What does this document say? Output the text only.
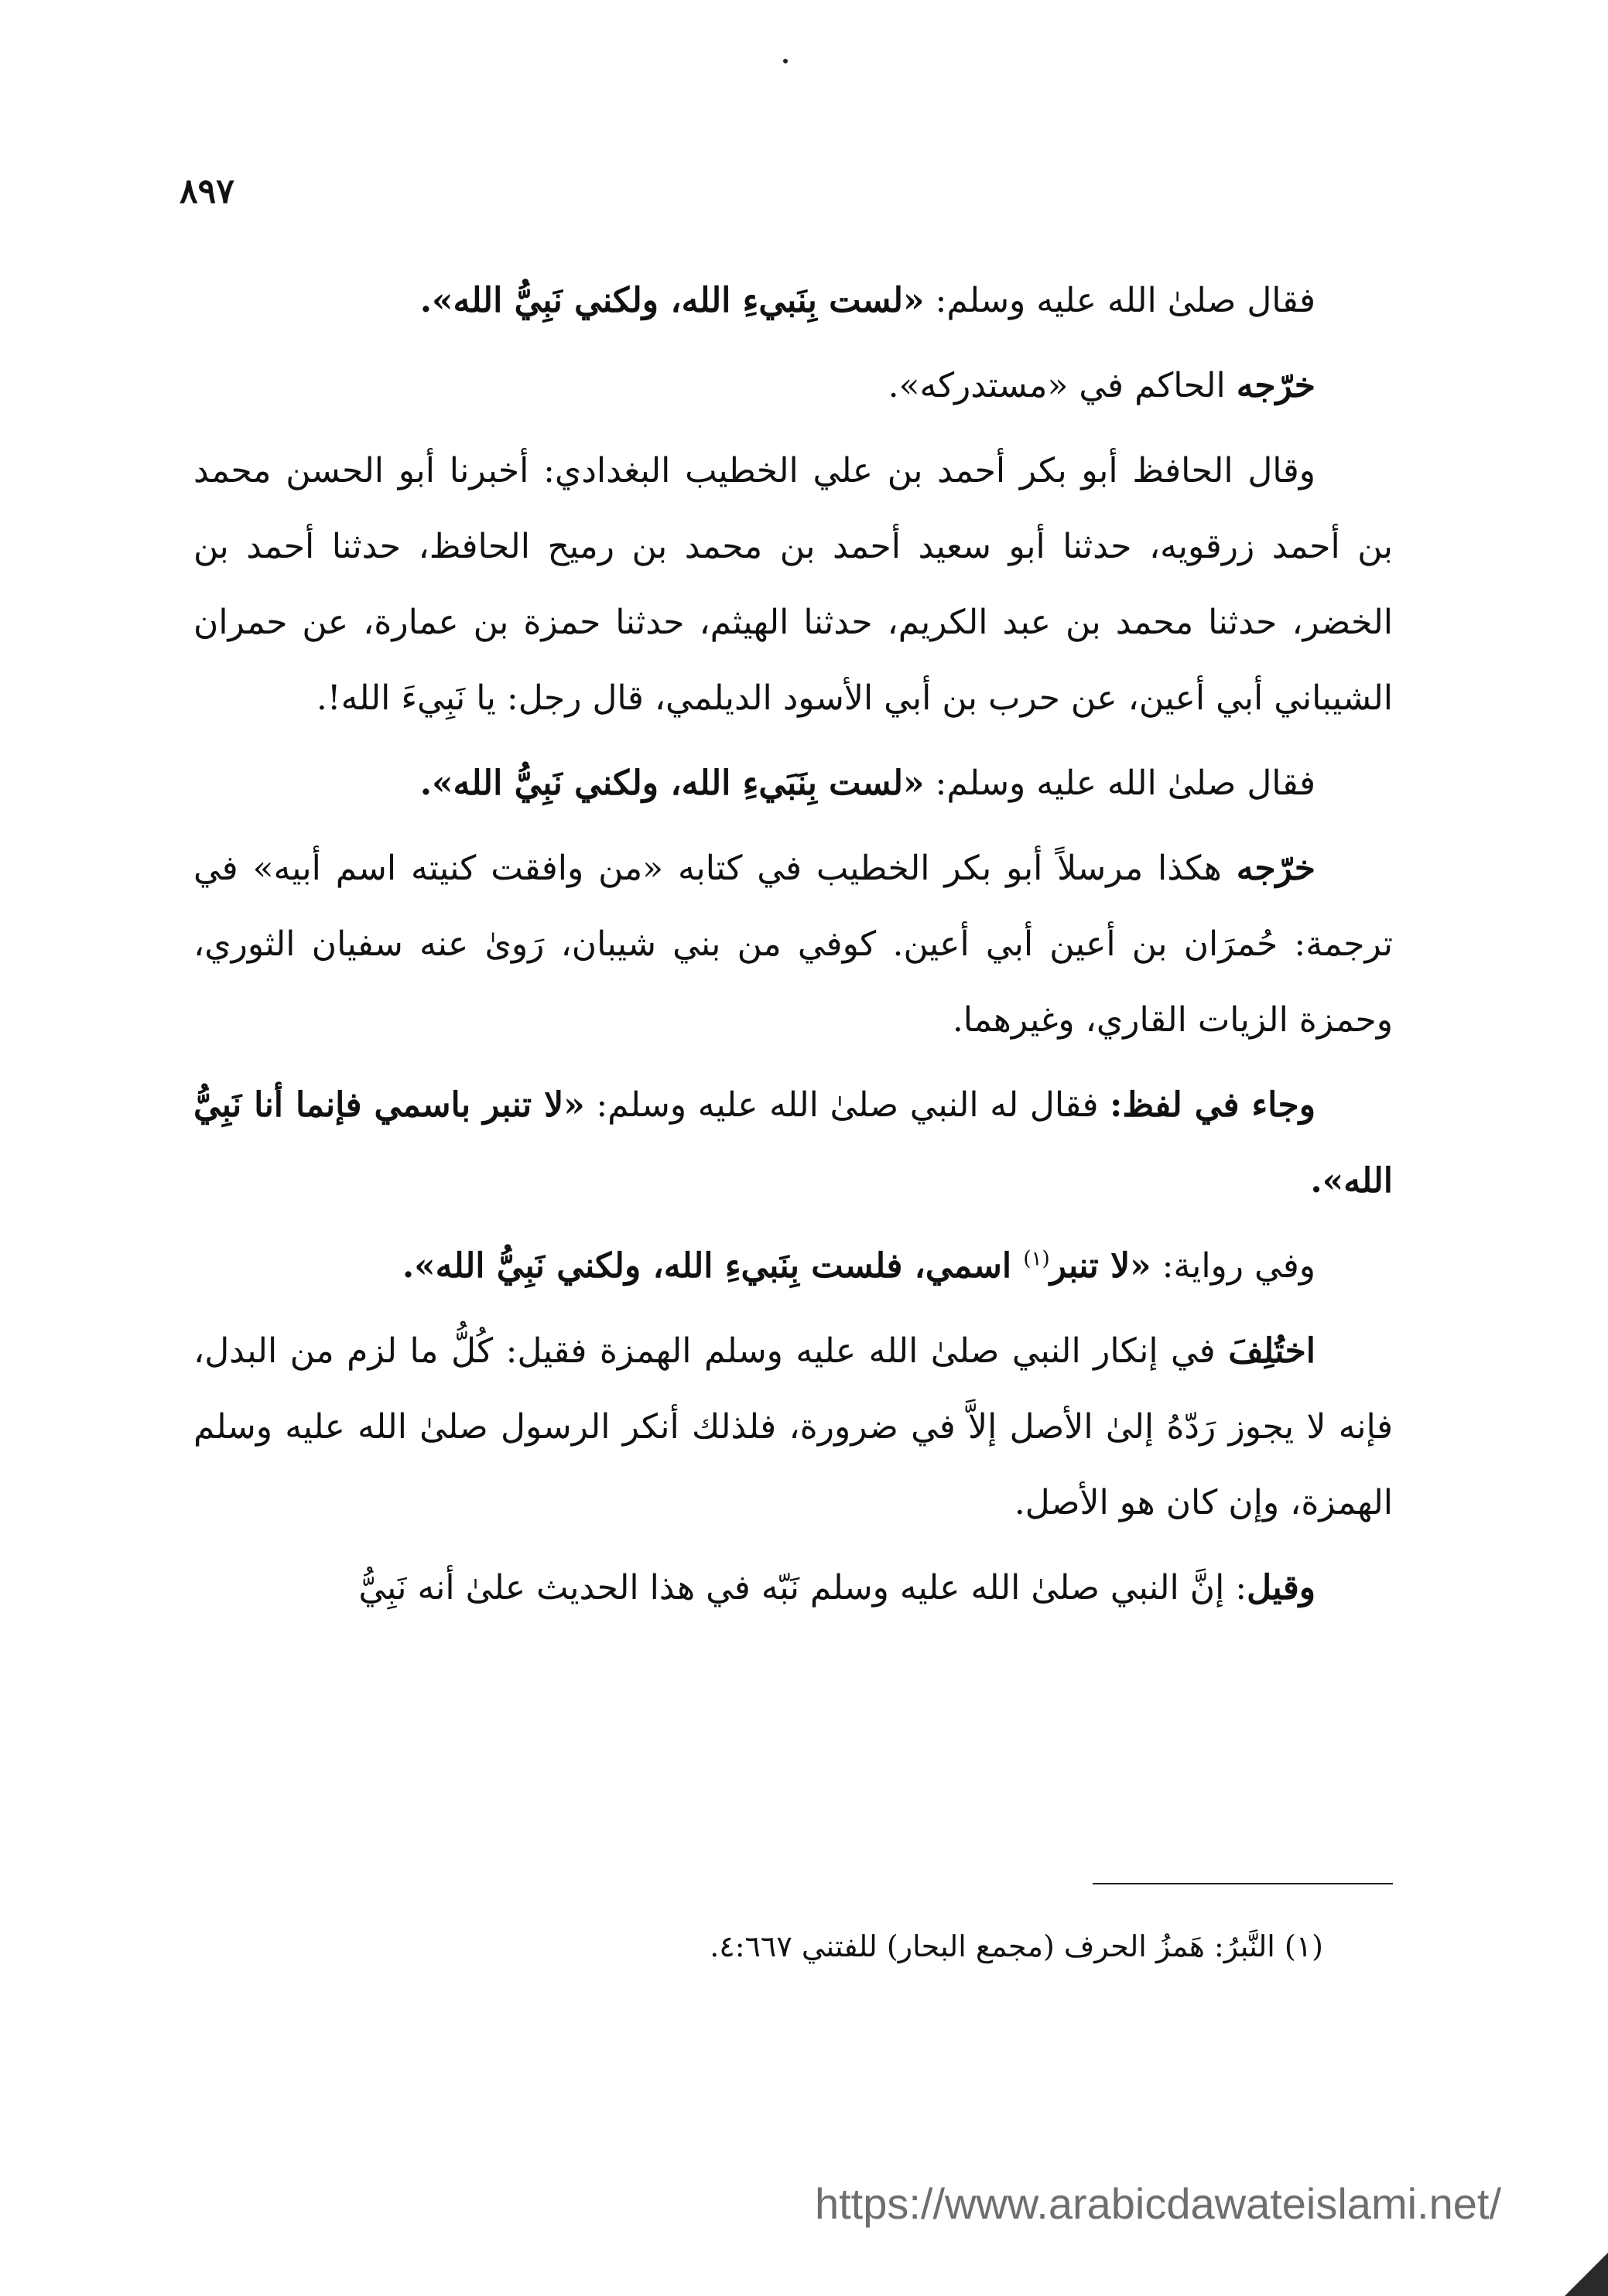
٨٩٧

فقال صلىٰ الله عليه وسلم: «لست بِنَبيءِ الله، ولكني نَبِيُّ الله».

خرّجه الحاكم في «مستدركه».

وقال الحافظ أبو بكر أحمد بن علي الخطيب البغدادي: أخبرنا أبو الحسن محمد بن أحمد زرقويه، حدثنا أبو سعيد أحمد بن محمد بن رميح الحافظ، حدثنا أحمد بن الخضر، حدثنا محمد بن عبد الكريم، حدثنا الهيثم، حدثنا حمزة بن عمارة، عن حمران الشيباني أبي أعين، عن حرب بن أبي الأسود الديلمي، قال رجل: يا نَبِيءَ الله!.

فقال صلىٰ الله عليه وسلم: «لست بِنَبَيءِ الله، ولكني نَبِيُّ الله».

خرّجه هكذا مرسلاً أبو بكر الخطيب في كتابه «من وافقت كنيته اسم أبيه» في ترجمة: حُمرَان بن أعين أبي أعين. كوفي من بني شيبان، رَوىٰ عنه سفيان الثوري، وحمزة الزيات القاري، وغيرهما.

وجاء في لفظ: فقال له النبي صلىٰ الله عليه وسلم: «لا تنبر باسمي فإنما أنا نَبِيُّ الله».

وفي رواية: «لا تنبر$^{(١)}$ اسمي، فلست بِنَبيءِ الله، ولكني نَبِيُّ الله».

اختُلِفَ في إنكار النبي صلىٰ الله عليه وسلم الهمزة فقيل: كُلُّ ما لزم من البدل، فإنه لا يجوز رَدّهُ إلىٰ الأصل إلاَّ في ضرورة، فلذلك أنكر الرسول صلىٰ الله عليه وسلم الهمزة، وإن كان هو الأصل.

وقيل: إنَّ النبي صلىٰ الله عليه وسلم نَبّه في هذا الحديث علىٰ أنه نَبِيُّ

(١) النَّبرُ: هَمزُ الحرف (مجمع البحار) للفتني ٤:٦٦٧.
https://www.arabicdawateislami.net/
